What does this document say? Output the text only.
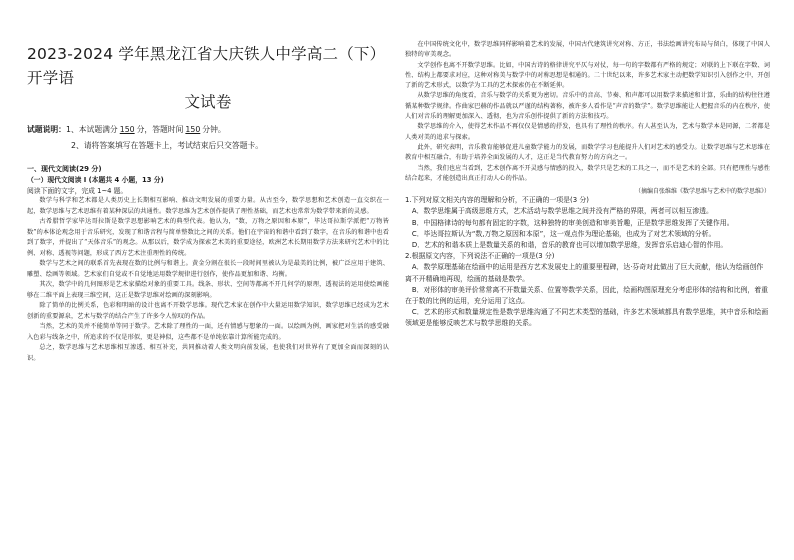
2023-2024 学年黑龙江省大庆铁人中学高二（下）开学语
文试卷
试题说明：1、本试题满分 150 分，答题时间 150 分钟。
2、请将答案填写在答题卡上，考试结束后只交答题卡。
一、现代文阅读(29 分)
（一）现代文阅读 I (本题共 4 小题，13 分)
阅读下面的文字，完成 1~4 题。

数学与科学和艺术都是人类历史上长期相互影响、推动文明发展的重要力量。从古至今，数学思想和艺术创造一直交织在一起，数学思维与艺术思维有着某种深层的共通性。数学思维为艺术创作提供了理性基础，而艺术也常常为数学带来新的灵感。

古希腊哲学家毕达哥拉斯是数学思想影响艺术的典型代表。他认为，“数，万物之原因和本原”，毕达哥拉斯学派把“万物皆数”的本体论观念用于音乐研究，发现了和谐音程与简单整数比之间的关系。他们在宇宙的和谐中看到了数字，在音乐的和谐中也看到了数字，并提出了“天体音乐”的观念。从那以后，数学成为探索艺术美的重要途径，欧洲艺术长期用数学方法来研究艺术中的比例、对称、透视等问题，形成了西方艺术注重理性的传统。

数学与艺术之间的联系首先表现在数的比例与和谐上。黄金分割在很长一段时间里被认为是最美的比例，被广泛应用于建筑、雕塑、绘画等领域。艺术家们自觉或不自觉地运用数学规律进行创作，使作品更加和谐、均衡。

其次，数学中的几何图形是艺术家描绘对象的重要工具。线条、形状、空间等都离不开几何学的原理，透视法的运用使绘画能够在二维平面上表现三维空间，这正是数学思维对绘画的深刻影响。

除了简单的比例关系，色彩和明暗的设计也离不开数学思维。现代艺术家在创作中大量运用数学知识，数学思维已经成为艺术创新的重要源泉，艺术与数学的结合产生了许多令人惊叹的作品。

当然，艺术的美并不能简单等同于数学。艺术除了理性的一面，还有情感与想象的一面。以绘画为例，画家把对生活的感受融入色彩与线条之中，所追求的不仅是形似，更是神似，这些都不是单纯依靠计算所能完成的。

总之，数学思维与艺术思维相互渗透、相互补充，共同推动着人类文明向前发展，也使我们对世界有了更加全面而深刻的认识。

在中国传统文化中，数学思维同样影响着艺术的发展，中国古代建筑讲究对称、方正，书法绘画讲究布局与留白，体现了中国人独特的审美观念。

文学创作也离不开数学思维。比如，中国古诗的格律讲究平仄与对仗，每一句的字数都有严格的规定；对联的上下联在字数、词性、结构上都要求对应，这种对称美与数学中的对称思想是相通的。二十世纪以来，许多艺术家主动把数学知识引入创作之中，开创了新的艺术形式，以数学为工具的艺术探索仍在不断延伸。

从数学思维的角度看，音乐与数学的关系更为密切。音乐中的音高、节奏、和声都可以用数学来描述和计算，乐曲的结构往往遵循某种数学规律。作曲家巴赫的作品就以严谨的结构著称，被许多人看作是“声音的数学”。数学思维能让人把握音乐的内在秩序，使人们对音乐的理解更加深入、透彻，也为音乐创作提供了新的方法和技巧。

数学思维的介入，使得艺术作品不再仅仅是情感的抒发，也具有了理性的秩序。有人甚至认为，艺术与数学本是同源，二者都是人类对美的追求与探索。

此外，研究表明，音乐教育能够促进儿童数学能力的发展，而数学学习也能提升人们对艺术的感受力。让数学思维与艺术思维在教育中相互融合，有助于培养全面发展的人才，这正是当代教育努力的方向之一。

当然，我们也应当看到，艺术创作离不开灵感与情感的投入，数学只是艺术的工具之一，而不是艺术的全部。只有把理性与感性结合起来，才能创造出真正打动人心的作品。

（摘编自张维维《数学思维与艺术中的数学思维》）

1.下列对原文相关内容的理解和分析，不正确的一项是(3 分)

A．数学思维属于高级思维方式，艺术活动与数学思维之间并没有严格的界限，两者可以相互渗透。

B．中国格律诗的每句都有固定的字数，这种独特的审美创造和审美旨趣，正是数学思维发挥了关键作用。

C．毕达哥拉斯认为“数,万物之原因和本原”，这一观点作为理论基础，也成为了对艺术领域的分析。

D．艺术的和谐本质上是数量关系的和谐，音乐的教育也可以增加数学思维，发挥音乐启迪心智的作用。

2.根据原文内容，下列说法不正确的一项是(3 分)

A．数学原理基础在绘画中的运用是西方艺术发展史上的重要里程碑，达·芬奇对此做出了巨大贡献，他认为绘画创作离不开精确地再现，绘画的基础是数学。

B．对形体的审美评价常常离不开数量关系、位置等数学关系，因此，绘画构图原理充分考虑形体的结构和比例，着重在于数的比例的运用，充分运用了这点。

C．艺术的形式和数量规定性是数学思维沟通了不同艺术类型的基础，许多艺术领域都具有数学思维，其中音乐和绘画领域更是能够反映艺术与数学思维的关系。
